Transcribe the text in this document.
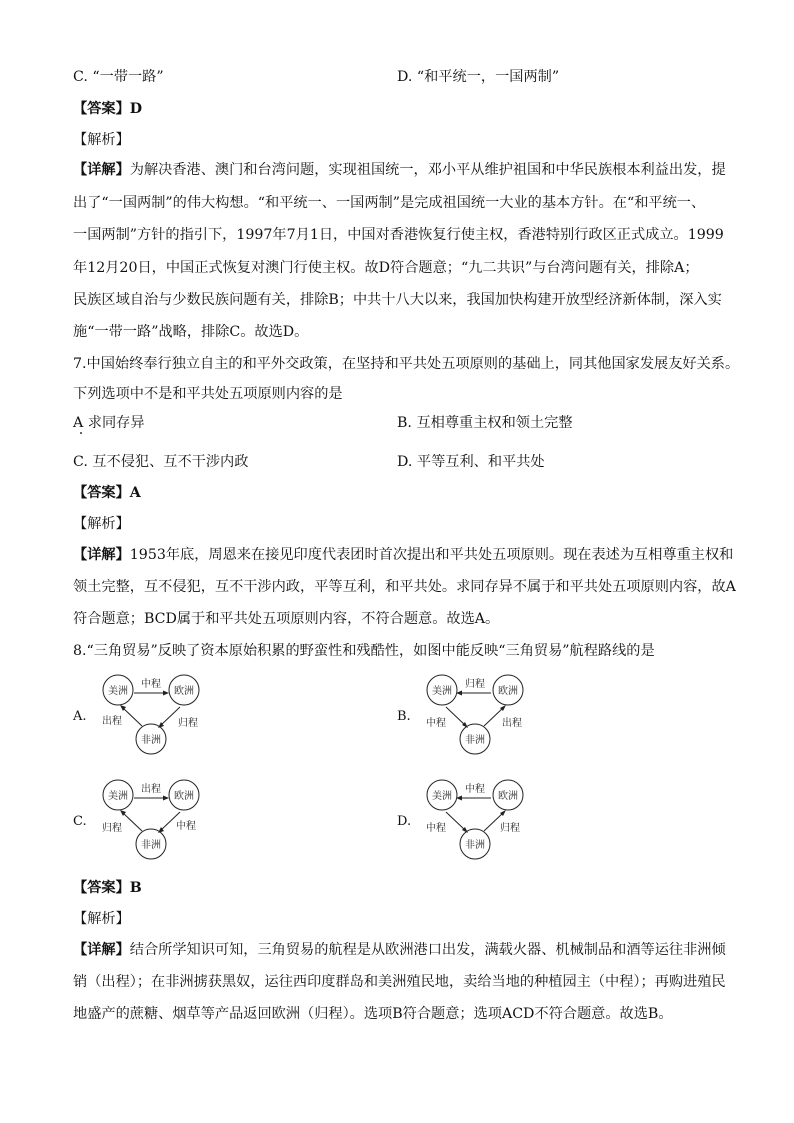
C. “一带一路”	D. “和平统一，一国两制”
【答案】D
【解析】
【详解】为解决香港、澳门和台湾问题，实现祖国统一，邓小平从维护祖国和中华民族根本利益出发，提
出了“一国两制”的伟大构想。“和平统一、一国两制”是完成祖国统一大业的基本方针。在“和平统一、
一国两制”方针的指引下，1997年7月1日，中国对香港恢复行使主权，香港特别行政区正式成立。1999
年12月20日，中国正式恢复对澳门行使主权。故D符合题意；“九二共识”与台湾问题有关，排除A；
民族区域自治与少数民族问题有关，排除B；中共十八大以来，我国加快构建开放型经济新体制，深入实
施“一带一路”战略，排除C。故选D。
7.中国始终奉行独立自主的和平外交政策，在坚持和平共处五项原则的基础上，同其他国家发展友好关系。
下列选项中不是和平共处五项原则内容的是
A 求同存异	B. 互相尊重主权和领土完整
C. 互不侵犯、互不干涉内政	D. 平等互利、和平共处
【答案】A
【解析】
【详解】1953年底，周恩来在接见印度代表团时首次提出和平共处五项原则。现在表述为互相尊重主权和
领土完整，互不侵犯，互不干涉内政，平等互利，和平共处。求同存异不属于和平共处五项原则内容，故A
符合题意；BCD属于和平共处五项原则内容，不符合题意。故选A。
8.“三角贸易”反映了资本原始积累的野蛮性和残酷性，如图中能反映“三角贸易”航程路线的是
A.
美洲	欧洲
非洲
中程
出程	归程	B.
美洲	欧洲
非洲
归程
中程	出程
C.
美洲	欧洲
非洲
出程
归程	中程	D.
美洲	欧洲
非洲
中程
中程	归程
【答案】B
【解析】
【详解】结合所学知识可知，三角贸易的航程是从欧洲港口出发，满载火器、机械制品和酒等运往非洲倾
销（出程）；在非洲掳获黑奴，运往西印度群岛和美洲殖民地，卖给当地的种植园主（中程）；再购进殖民
地盛产的蔗糖、烟草等产品返回欧洲（归程）。选项B符合题意；选项ACD不符合题意。故选B。
